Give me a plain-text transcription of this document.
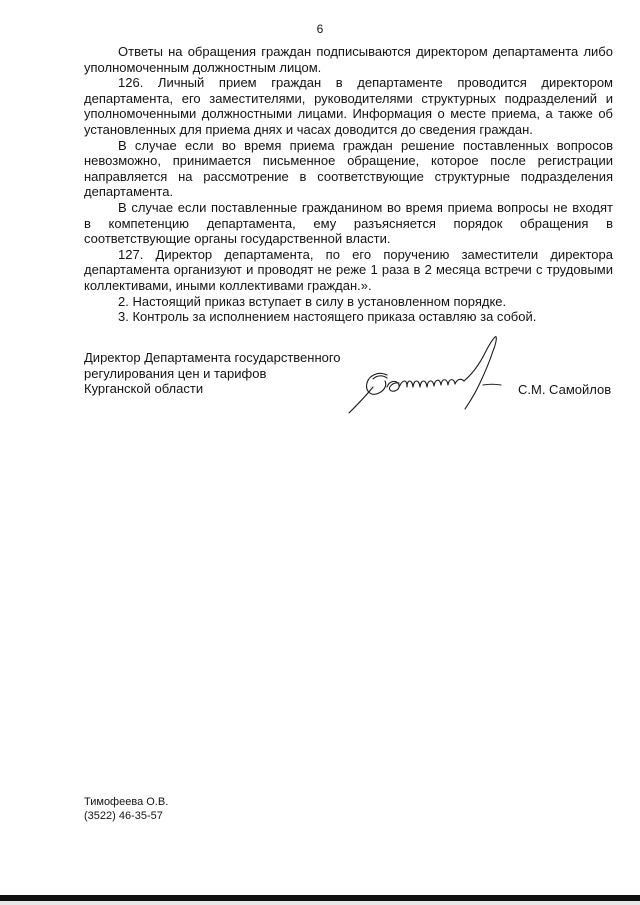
6

Ответы на обращения граждан подписываются директором департамента либо уполномоченным должностным лицом.

126. Личный прием граждан в департаменте проводится директором департамента, его заместителями, руководителями структурных подразделений и уполномоченными должностными лицами. Информация о месте приема, а также об установленных для приема днях и часах доводится до сведения граждан.

В случае если во время приема граждан решение поставленных вопросов невозможно, принимается письменное обращение, которое после регистрации направляется на рассмотрение в соответствующие структурные подразделения департамента.

В случае если поставленные гражданином во время приема вопросы не входят в компетенцию департамента, ему разъясняется порядок обращения в соответствующие органы государственной власти.

127. Директор департамента, по его поручению заместители директора департамента организуют и проводят не реже 1 раза в 2 месяца встречи с трудовыми коллективами, иными коллективами граждан.».

2. Настоящий приказ вступает в силу в установленном порядке.

3. Контроль за исполнением настоящего приказа оставляю за собой.

Директор Департамента государственного
регулирования цен и тарифов
Курганской области	С.М. Самойлов
Тимофеева О.В.
(3522) 46-35-57
